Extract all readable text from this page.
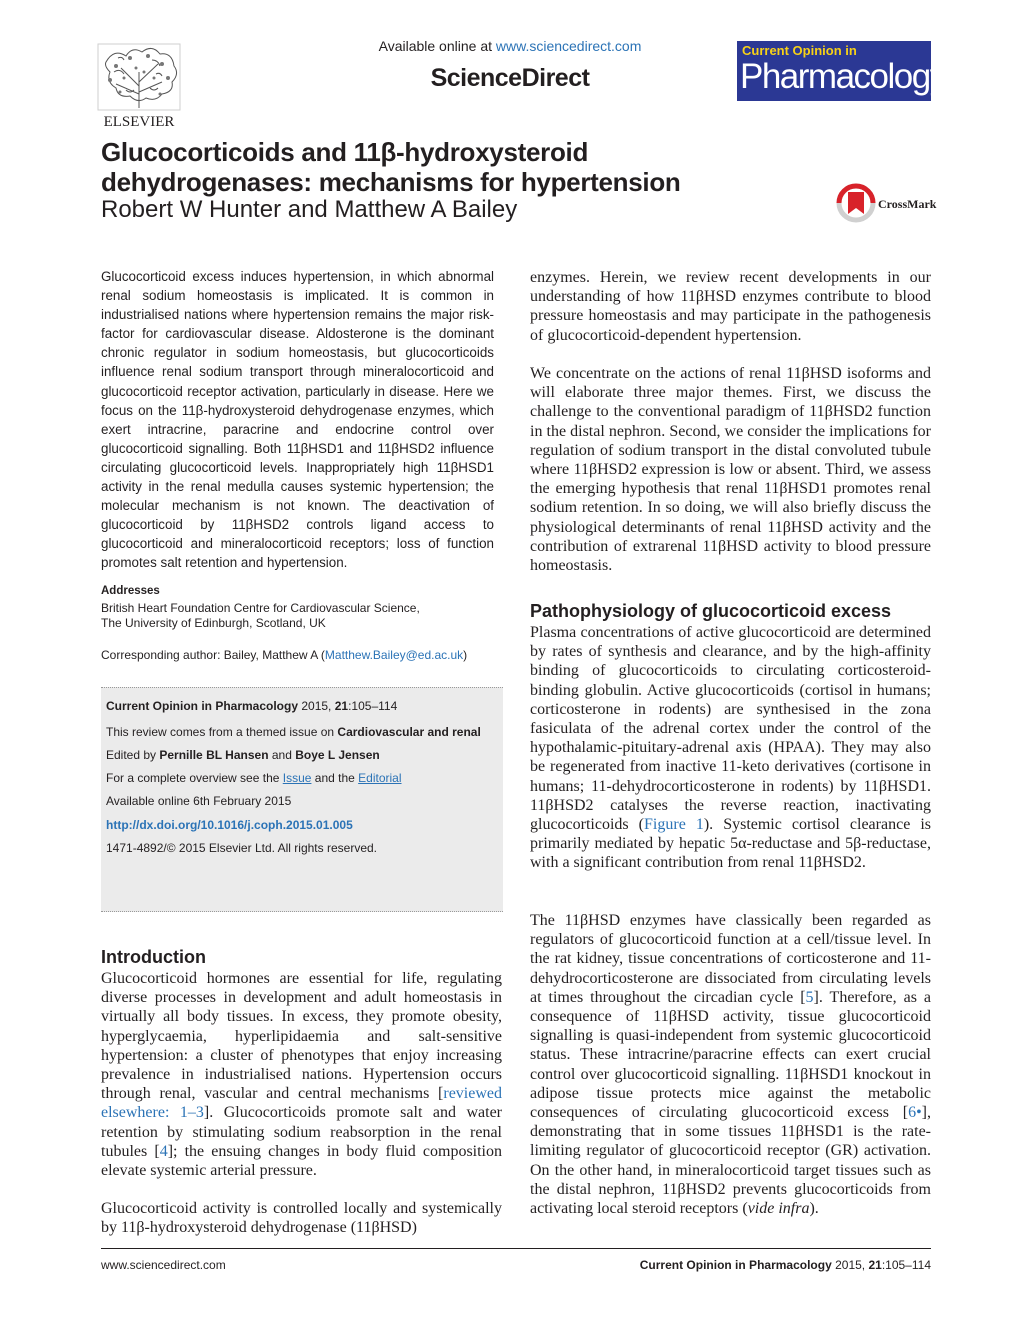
ELSEVIER
Available online at www.sciencedirect.com
ScienceDirect
Current Opinion in
Pharmacology
Glucocorticoids and 11β-hydroxysteroid dehydrogenases: mechanisms for hypertension
Robert W Hunter and Matthew A Bailey	CrossMark
Glucocorticoid excess induces hypertension, in which abnormal renal sodium homeostasis is implicated. It is common in industrialised nations where hypertension remains the major risk-factor for cardiovascular disease. Aldosterone is the dominant chronic regulator in sodium homeostasis, but glucocorticoids influence renal sodium transport through mineralocorticoid and glucocorticoid receptor activation, particularly in disease. Here we focus on the 11β-hydroxysteroid dehydrogenase enzymes, which exert intracrine, paracrine and endocrine control over glucocorticoid signalling. Both 11βHSD1 and 11βHSD2 influence circulating glucocorticoid levels. Inappropriately high 11βHSD1 activity in the renal medulla causes systemic hypertension; the molecular mechanism is not known. The deactivation of glucocorticoid by 11βHSD2 controls ligand access to glucocorticoid and mineralocorticoid receptors; loss of function promotes salt retention and hypertension.
Addresses
British Heart Foundation Centre for Cardiovascular Science,
The University of Edinburgh, Scotland, UK
Corresponding author: Bailey, Matthew A (Matthew.Bailey@ed.ac.uk)
Current Opinion in Pharmacology 2015, 21:105–114
This review comes from a themed issue on Cardiovascular and renal
Edited by Pernille BL Hansen and Boye L Jensen
For a complete overview see the Issue and the Editorial
Available online 6th February 2015
http://dx.doi.org/10.1016/j.coph.2015.01.005
1471-4892/© 2015 Elsevier Ltd. All rights reserved.
Introduction
Glucocorticoid hormones are essential for life, regulating diverse processes in development and adult homeostasis in virtually all body tissues. In excess, they promote obesity, hyperglycaemia, hyperlipidaemia and salt-sensitive hypertension: a cluster of phenotypes that enjoy increasing prevalence in industrialised nations. Hypertension occurs through renal, vascular and central mechanisms [reviewed elsewhere: 1–3]. Glucocorticoids promote salt and water retention by stimulating sodium reabsorption in the renal tubules [4]; the ensuing changes in body fluid composition elevate systemic arterial pressure.
Glucocorticoid activity is controlled locally and systemically by 11β-hydroxysteroid dehydrogenase (11βHSD)
enzymes. Herein, we review recent developments in our understanding of how 11βHSD enzymes contribute to blood pressure homeostasis and may participate in the pathogenesis of glucocorticoid-dependent hypertension.
We concentrate on the actions of renal 11βHSD isoforms and will elaborate three major themes. First, we discuss the challenge to the conventional paradigm of 11βHSD2 function in the distal nephron. Second, we consider the implications for regulation of sodium transport in the distal convoluted tubule where 11βHSD2 expression is low or absent. Third, we assess the emerging hypothesis that renal 11βHSD1 promotes renal sodium retention. In so doing, we will also briefly discuss the physiological determinants of renal 11βHSD activity and the contribution of extrarenal 11βHSD activity to blood pressure homeostasis.
Pathophysiology of glucocorticoid excess
Plasma concentrations of active glucocorticoid are determined by rates of synthesis and clearance, and by the high-affinity binding of glucocorticoids to circulating corticosteroid-binding globulin. Active glucocorticoids (cortisol in humans; corticosterone in rodents) are synthesised in the zona fasiculata of the adrenal cortex under the control of the hypothalamic-pituitary-adrenal axis (HPAA). They may also be regenerated from inactive 11-keto derivatives (cortisone in humans; 11-dehydrocorticosterone in rodents) by 11βHSD1. 11βHSD2 catalyses the reverse reaction, inactivating glucocorticoids (Figure 1). Systemic cortisol clearance is primarily mediated by hepatic 5α-reductase and 5β-reductase, with a significant contribution from renal 11βHSD2.
The 11βHSD enzymes have classically been regarded as regulators of glucocorticoid function at a cell/tissue level. In the rat kidney, tissue concentrations of corticosterone and 11-dehydrocorticosterone are dissociated from circulating levels at times throughout the circadian cycle [5]. Therefore, as a consequence of 11βHSD activity, tissue glucocorticoid signalling is quasi-independent from systemic glucocorticoid status. These intracrine/paracrine effects can exert crucial control over glucocorticoid signalling. 11βHSD1 knockout in adipose tissue protects mice against the metabolic consequences of circulating glucocorticoid excess [6•], demonstrating that in some tissues 11βHSD1 is the rate-limiting regulator of glucocorticoid receptor (GR) activation. On the other hand, in mineralocorticoid target tissues such as the distal nephron, 11βHSD2 prevents glucocorticoids from activating local steroid receptors (vide infra).
www.sciencedirect.com	Current Opinion in Pharmacology 2015, 21:105–114
